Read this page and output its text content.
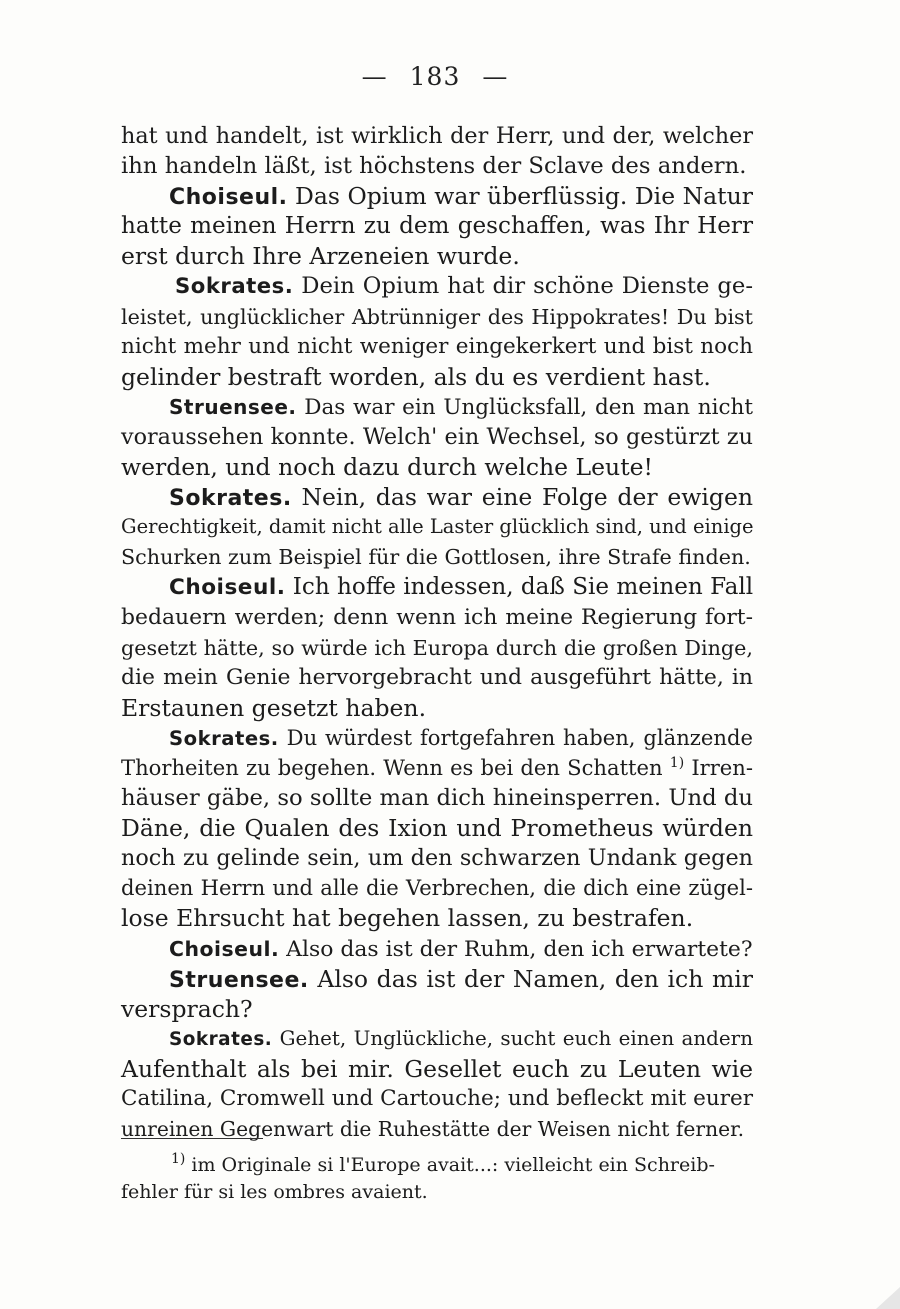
— 183 —
hat und handelt, ist wirklich der Herr, und der, welcher
ihn handeln läßt, ist höchstens der Sclave des andern.
Choiseul. Das Opium war überflüssig. Die Natur
hatte meinen Herrn zu dem geschaffen, was Ihr Herr
erst durch Ihre Arzeneien wurde.
Sokrates. Dein Opium hat dir schöne Dienste ge-
leistet, unglücklicher Abtrünniger des Hippokrates! Du bist
nicht mehr und nicht weniger eingekerkert und bist noch
gelinder bestraft worden, als du es verdient hast.
Struensee. Das war ein Unglücksfall, den man nicht
voraussehen konnte. Welch' ein Wechsel, so gestürzt zu
werden, und noch dazu durch welche Leute!
Sokrates. Nein, das war eine Folge der ewigen
Gerechtigkeit, damit nicht alle Laster glücklich sind, und einige
Schurken zum Beispiel für die Gottlosen, ihre Strafe finden.
Choiseul. Ich hoffe indessen, daß Sie meinen Fall
bedauern werden; denn wenn ich meine Regierung fort-
gesetzt hätte, so würde ich Europa durch die großen Dinge,
die mein Genie hervorgebracht und ausgeführt hätte, in
Erstaunen gesetzt haben.
Sokrates. Du würdest fortgefahren haben, glänzende
Thorheiten zu begehen. Wenn es bei den Schatten $^{1)}$ Irren-
häuser gäbe, so sollte man dich hineinsperren. Und du
Däne, die Qualen des Ixion und Prometheus würden
noch zu gelinde sein, um den schwarzen Undank gegen
deinen Herrn und alle die Verbrechen, die dich eine zügel-
lose Ehrsucht hat begehen lassen, zu bestrafen.
Choiseul. Also das ist der Ruhm, den ich erwartete?
Struensee. Also das ist der Namen, den ich mir
versprach?
Sokrates. Gehet, Unglückliche, sucht euch einen andern
Aufenthalt als bei mir. Gesellet euch zu Leuten wie
Catilina, Cromwell und Cartouche; und befleckt mit eurer
unreinen Gegenwart die Ruhestätte der Weisen nicht ferner.
$^{1)}$ im Originale si l'Europe avait...: vielleicht ein Schreib-
fehler für si les ombres avaient.
